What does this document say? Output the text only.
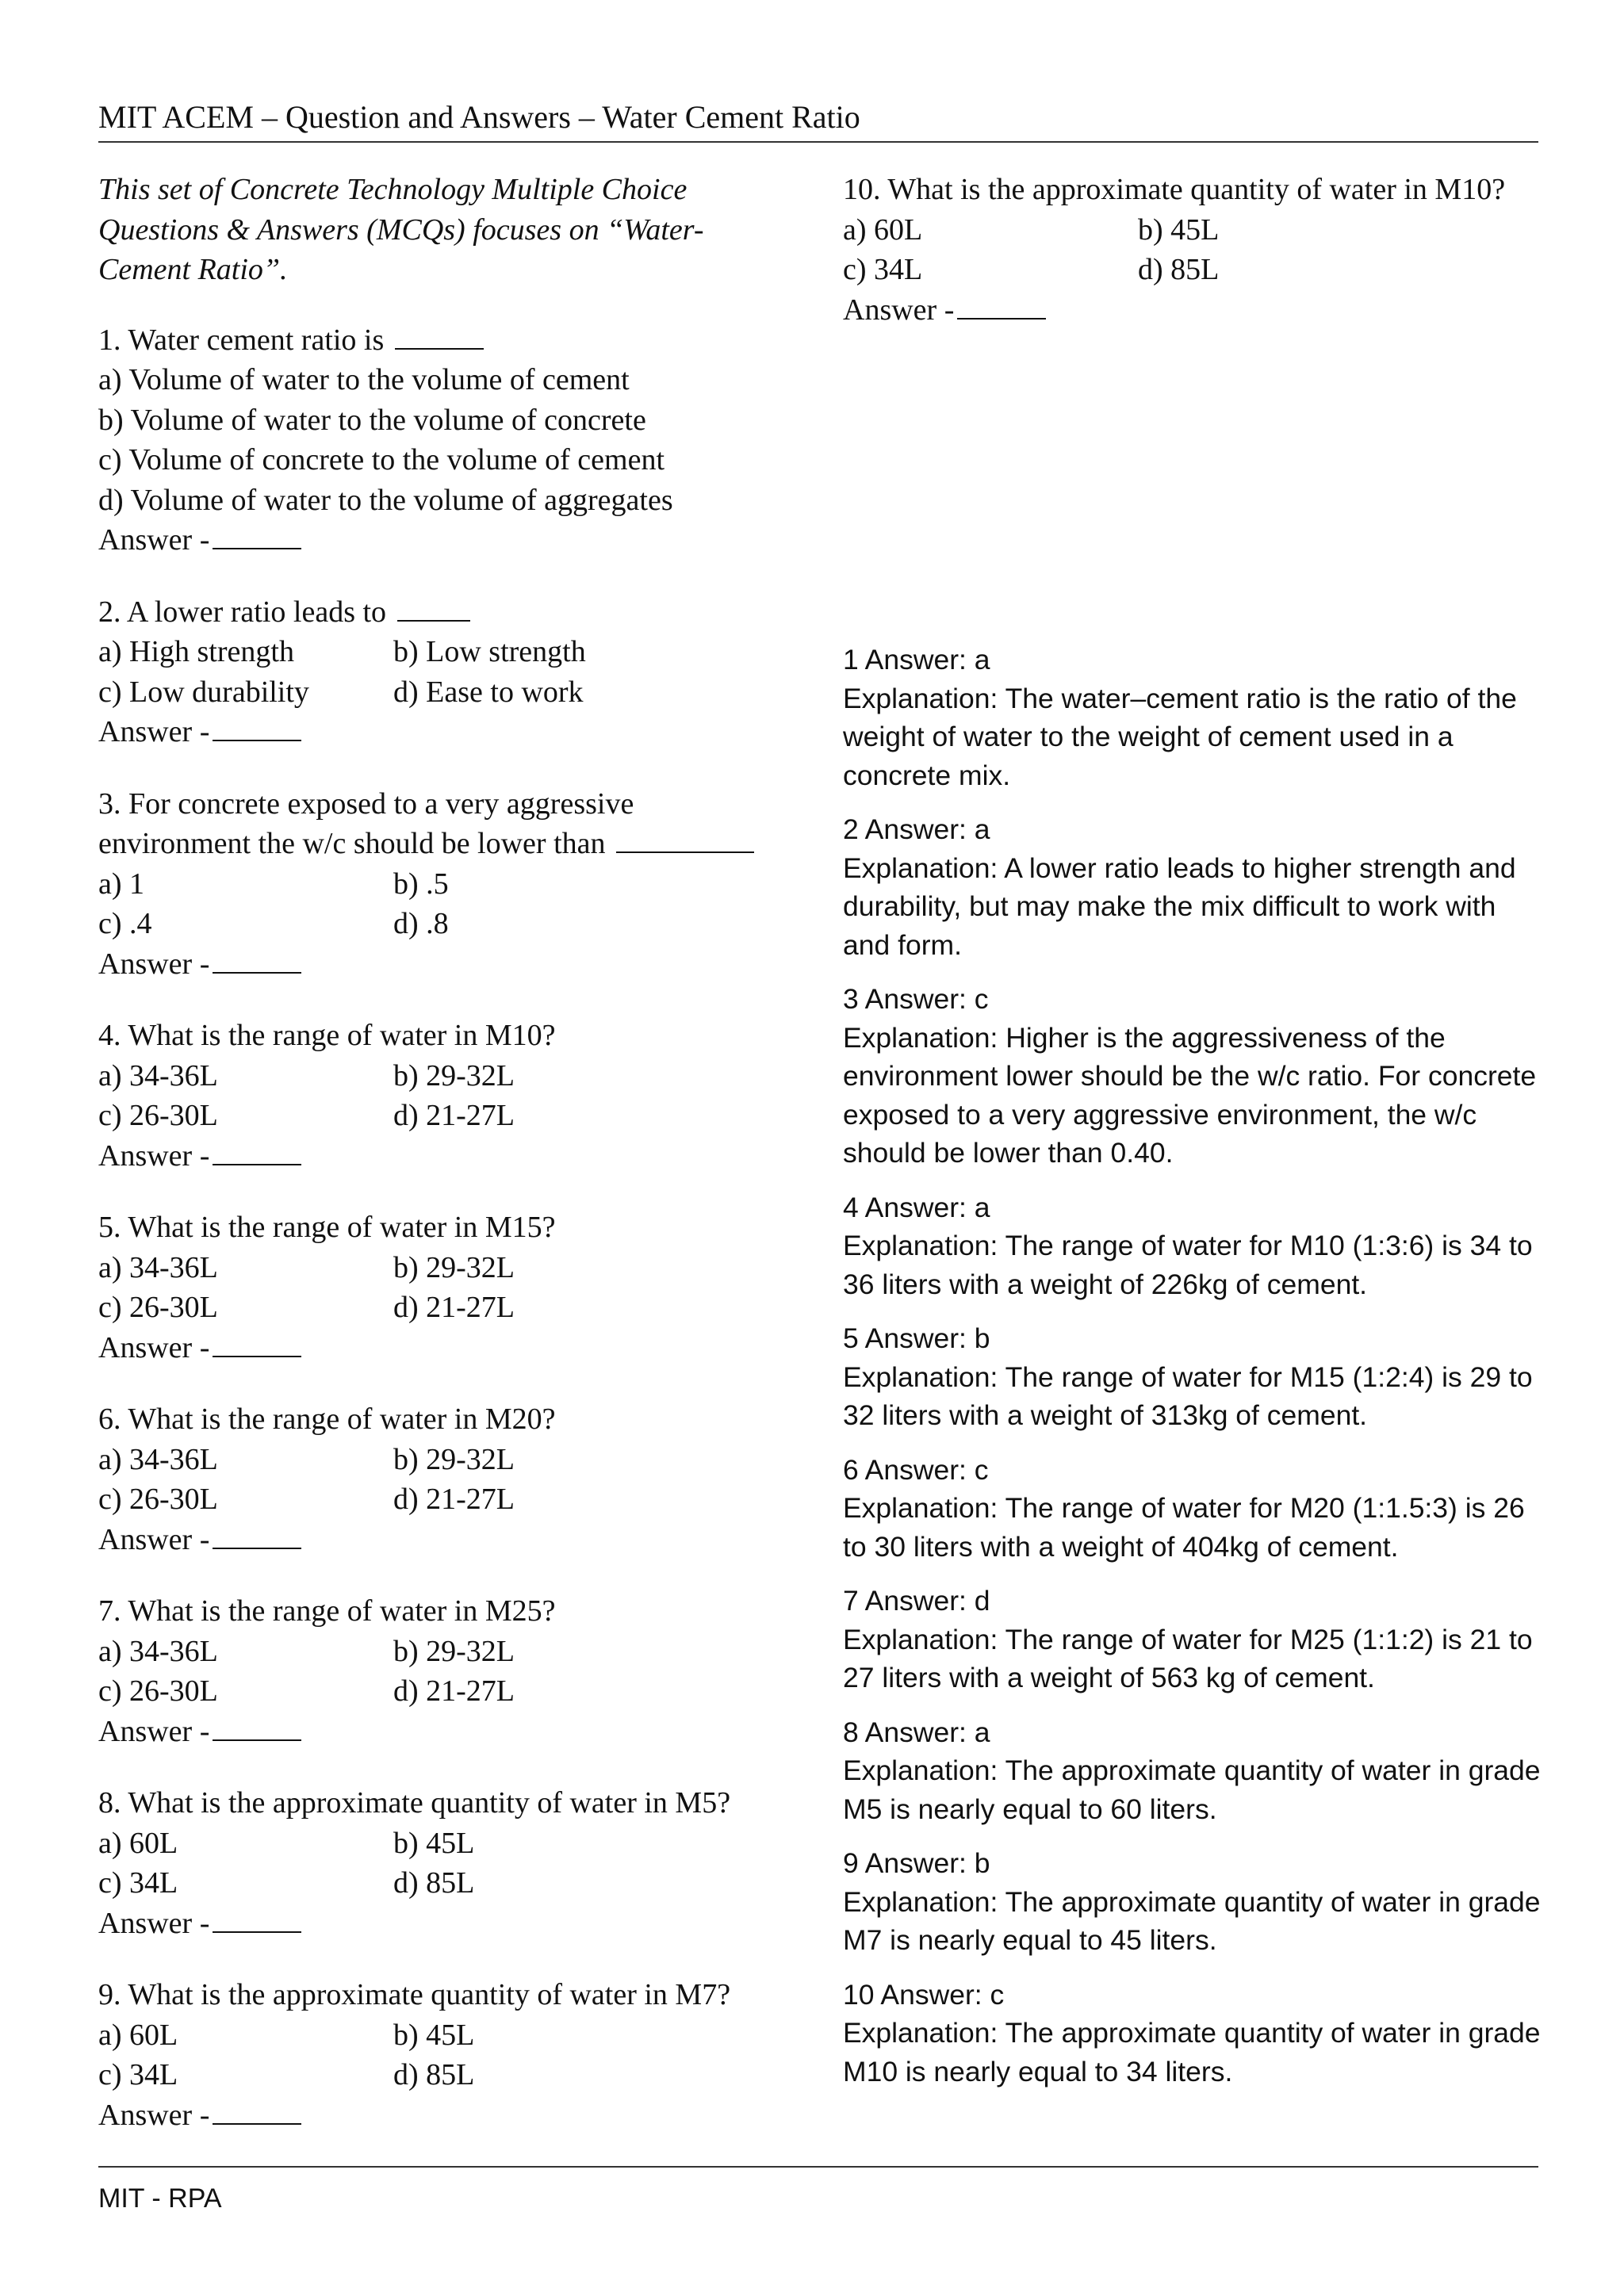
MIT ACEM – Question and Answers – Water Cement Ratio
This set of Concrete Technology Multiple Choice Questions & Answers (MCQs) focuses on “Water-Cement Ratio”.
1. Water cement ratio is
a) Volume of water to the volume of cement
b) Volume of water to the volume of concrete
c) Volume of concrete to the volume of cement
d) Volume of water to the volume of aggregates
Answer -
2. A lower ratio leads to
a) High strength	b) Low strength
c) Low durability	d) Ease to work
Answer -
3. For concrete exposed to a very aggressive
environment the w/c should be lower than
a) 1	b) .5
c) .4	d) .8
Answer -
4. What is the range of water in M10?
a) 34-36L	b) 29-32L
c) 26-30L	d) 21-27L
Answer -
5. What is the range of water in M15?
a) 34-36L	b) 29-32L
c) 26-30L	d) 21-27L
Answer -
6. What is the range of water in M20?
a) 34-36L	b) 29-32L
c) 26-30L	d) 21-27L
Answer -
7. What is the range of water in M25?
a) 34-36L	b) 29-32L
c) 26-30L	d) 21-27L
Answer -
8. What is the approximate quantity of water in M5?
a) 60L	b) 45L
c) 34L	d) 85L
Answer -
9. What is the approximate quantity of water in M7?
a) 60L	b) 45L
c) 34L	d) 85L
Answer -
10. What is the approximate quantity of water in M10?
a) 60L	b) 45L
c) 34L	d) 85L
Answer -
1 Answer: a
Explanation: The water–cement ratio is the ratio of the weight of water to the weight of cement used in a concrete mix.
2 Answer: a
Explanation: A lower ratio leads to higher strength and durability, but may make the mix difficult to work with and form.
3 Answer: c
Explanation: Higher is the aggressiveness of the environment lower should be the w/c ratio. For concrete exposed to a very aggressive environment, the w/c should be lower than 0.40.
4 Answer: a
Explanation: The range of water for M10 (1:3:6) is 34 to 36 liters with a weight of 226kg of cement.
5 Answer: b
Explanation: The range of water for M15 (1:2:4) is 29 to 32 liters with a weight of 313kg of cement.
6 Answer: c
Explanation: The range of water for M20 (1:1.5:3) is 26 to 30 liters with a weight of 404kg of cement.
7 Answer: d
Explanation: The range of water for M25 (1:1:2) is 21 to 27 liters with a weight of 563 kg of cement.
8 Answer: a
Explanation: The approximate quantity of water in grade M5 is nearly equal to 60 liters.
9 Answer: b
Explanation: The approximate quantity of water in grade M7 is nearly equal to 45 liters.
10 Answer: c
Explanation: The approximate quantity of water in grade M10 is nearly equal to 34 liters.
MIT - RPA
